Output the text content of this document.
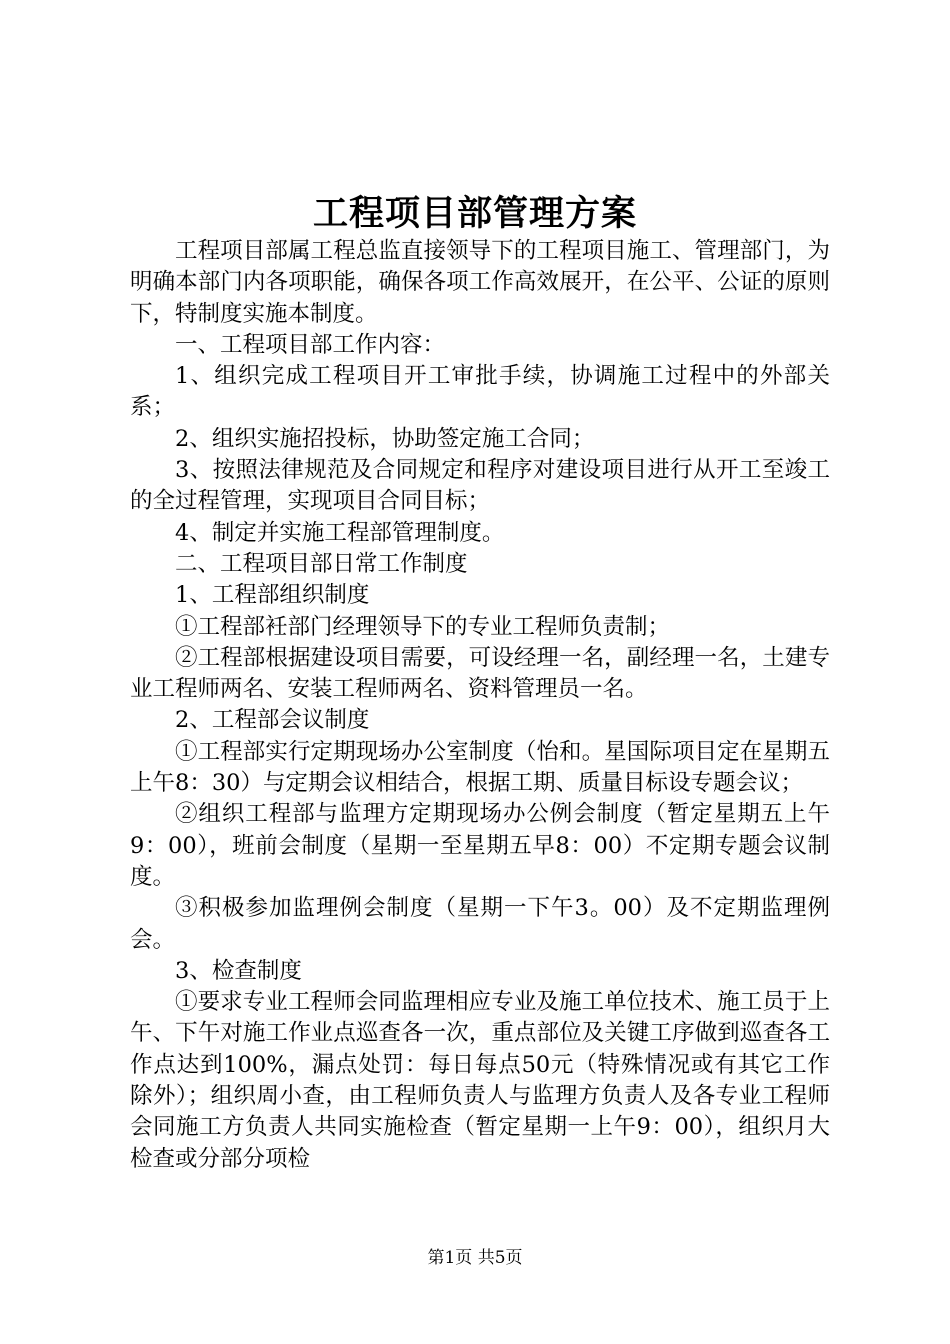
工程项目部管理方案

工程项目部属工程总监直接领导下的工程项目施工、管理部门，为明确本部门内各项职能，确保各项工作高效展开，在公平、公证的原则下，特制度实施本制度。

一、工程项目部工作内容：

1、组织完成工程项目开工审批手续，协调施工过程中的外部关系；

2、组织实施招投标，协助签定施工合同；

3、按照法律规范及合同规定和程序对建设项目进行从开工至竣工的全过程管理，实现项目合同目标；

4、制定并实施工程部管理制度。

二、工程项目部日常工作制度

1、工程部组织制度

①工程部衽部门经理领导下的专业工程师负责制；

②工程部根据建设项目需要，可设经理一名，副经理一名，土建专业工程师两名、安装工程师两名、资料管理员一名。

2、工程部会议制度

①工程部实行定期现场办公室制度（怡和。星国际项目定在星期五上午8：30）与定期会议相结合，根据工期、质量目标设专题会议；

②组织工程部与监理方定期现场办公例会制度（暂定星期五上午9：00），班前会制度（星期一至星期五早8：00）不定期专题会议制度。

③积极参加监理例会制度（星期一下午3。00）及不定期监理例会。

3、检查制度

①要求专业工程师会同监理相应专业及施工单位技术、施工员于上午、下午对施工作业点巡查各一次，重点部位及关键工序做到巡查各工作点达到100%，漏点处罚：每日每点50元（特殊情况或有其它工作除外）；组织周小查，由工程师负责人与监理方负责人及各专业工程师会同施工方负责人共同实施检查（暂定星期一上午9：00），组织月大检查或分部分项检

第1页 共5页
